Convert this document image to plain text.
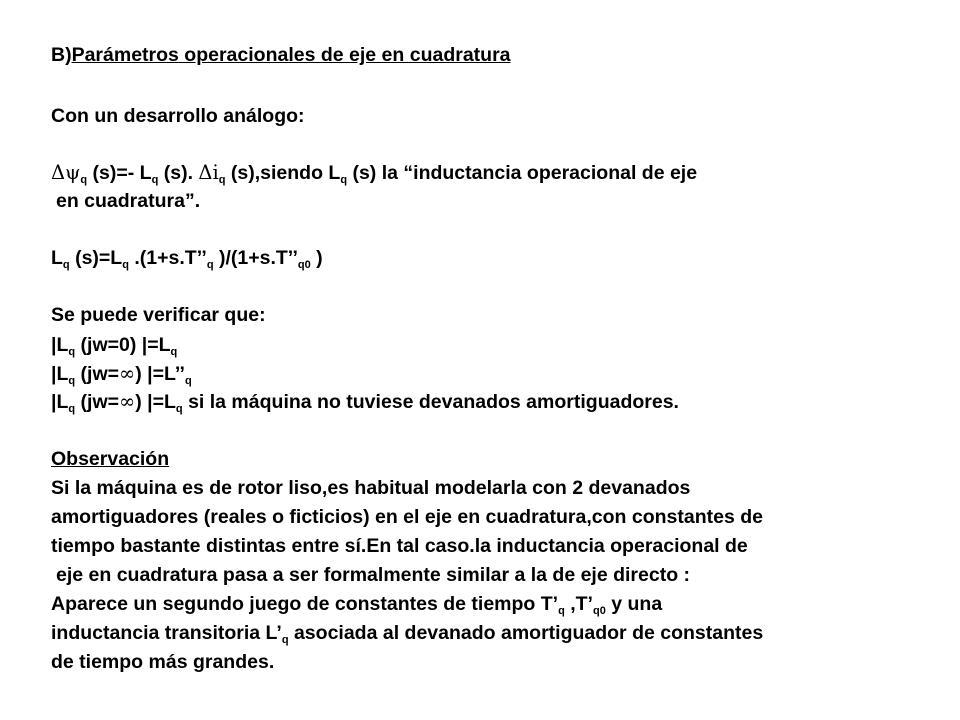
B)Parámetros operacionales de eje en cuadratura
Con un desarrollo análogo:
$\Delta\psi_q$ (s)=- $L_q$ (s). $\Delta i_q$ (s),siendo $L_q$ (s) la “inductancia operacional de eje
en cuadratura”.
$L_q$ $(s)=L_q$ $.(1+s.T’’_q$ )$/(1+s.T’’_{q0}$ )
Se puede verificar que:
$|L_q$ (jw=0) $|=L_q$
$|L_q$ (jw=∞) $|=L’’_q$
$|L_q$ (jw=∞) $|=L_q$ si la máquina no tuviese devanados amortiguadores.
Observación
Si la máquina es de rotor liso,es habitual modelarla con 2 devanados
amortiguadores (reales o ficticios) en el eje en cuadratura,con constantes de
tiempo bastante distintas entre sí.En tal caso.la inductancia operacional de
eje en cuadratura pasa a ser formalmente similar a la de eje directo :
Aparece un segundo juego de constantes de tiempo $T’_q$ $,T’_{q0}$ y una
inductancia transitoria $L’_q$ asociada al devanado amortiguador de constantes
de tiempo más grandes.
